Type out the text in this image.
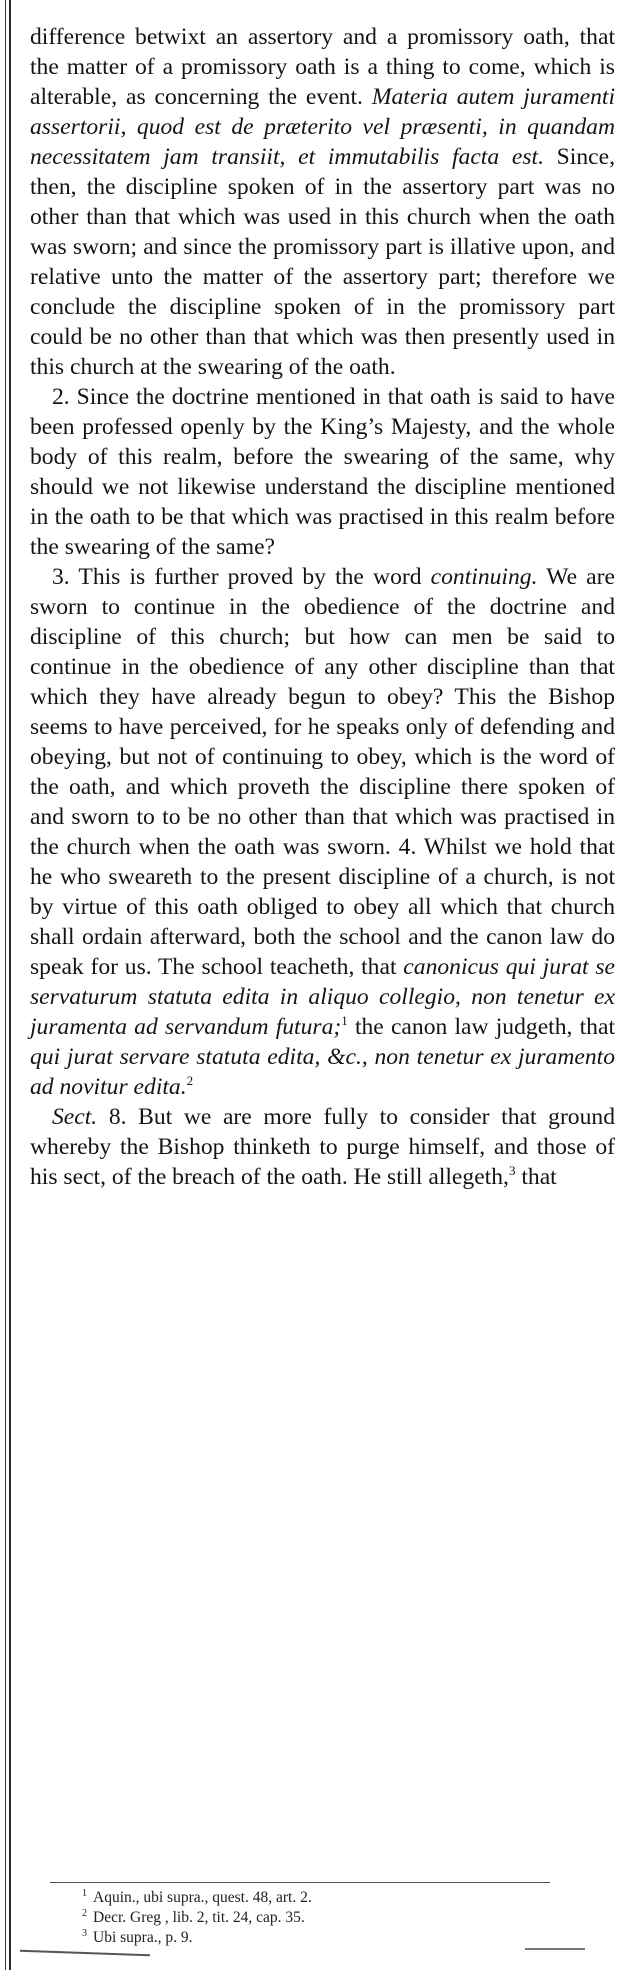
difference betwixt an assertory and a promissory oath, that the matter of a promissory oath is a thing to come, which is alterable, as concerning the event. Materia autem juramenti assertorii, quod est de præterito vel præsenti, in quandam necessitatem jam transiit, et immutabilis facta est. Since, then, the discipline spoken of in the assertory part was no other than that which was used in this church when the oath was sworn; and since the promissory part is illative upon, and relative unto the matter of the assertory part; therefore we conclude the discipline spoken of in the promissory part could be no other than that which was then presently used in this church at the swearing of the oath.

2. Since the doctrine mentioned in that oath is said to have been professed openly by the King’s Majesty, and the whole body of this realm, before the swearing of the same, why should we not likewise understand the discipline mentioned in the oath to be that which was practised in this realm before the swearing of the same?

3. This is further proved by the word continuing. We are sworn to continue in the obedience of the doctrine and discipline of this church; but how can men be said to continue in the obedience of any other discipline than that which they have already begun to obey? This the Bishop seems to have perceived, for he speaks only of defending and obeying, but not of continuing to obey, which is the word of the oath, and which proveth the discipline there spoken of and sworn to to be no other than that which was practised in the church when the oath was sworn. 4. Whilst we hold that he who sweareth to the present discipline of a church, is not by virtue of this oath obliged to obey all which that church shall ordain afterward, both the school and the canon law do speak for us. The school teacheth, that canonicus qui jurat se servaturum statuta edita in aliquo collegio, non tenetur ex juramenta ad servandum futura;$^1$ the canon law judgeth, that qui jurat servare statuta edita, &c., non tenetur ex juramento ad novitur edita.$^2$

Sect. 8. But we are more fully to consider that ground whereby the Bishop thinketh to purge himself, and those of his sect, of the breach of the oath. He still allegeth,$^3$ that

$^1$ Aquin., ubi supra., quest. 48, art. 2.
$^2$ Decr. Greg , lib. 2, tit. 24, cap. 35.
$^3$ Ubi supra., p. 9.
